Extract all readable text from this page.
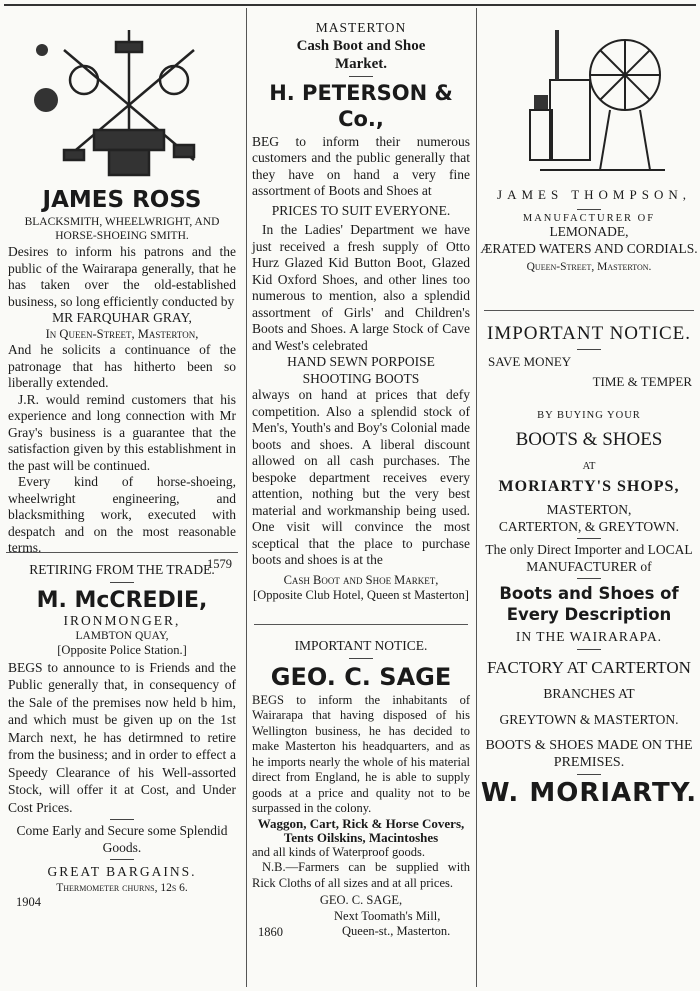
JAMES ROSS

BLACKSMITH, WHEELWRIGHT, AND HORSE-SHOEING SMITH.

Desires to inform his patrons and the public of the Wairarapa generally, that he has taken over the old-established business, so long efficiently conducted by

MR FARQUHAR GRAY,

In Queen-Street, Masterton,

And he solicits a continuance of the patronage that has hitherto been so liberally extended.

J.R. would remind customers that his experience and long connection with Mr Gray's business is a guarantee that the satisfaction given by this establishment in the past will be continued.

Every kind of horse-shoeing, wheelwright engineering, and blacksmithing work, executed with despatch and on the most reasonable terms.

1579

RETIRING FROM THE TRADE.

M. McCREDIE,

IRONMONGER,

LAMBTON QUAY,

[Opposite Police Station.]

BEGS to announce to is Friends and the Public generally that, in consequency of the Sale of the premises now held b him, and which must be given up on the 1st March next, he has detirmned to retire from the business; and in order to effect a Speedy Clearance of his Well-assorted Stock, will offer it at Cost, and Under Cost Prices.

Come Early and Secure some Splendid Goods.

GREAT BARGAINS.

Thermometer churns, 12s 6.

1904

MASTERTON

Cash Boot and Shoe Market.

H. PETERSON & Co.,

BEG to inform their numerous customers and the public generally that they have on hand a very fine assortment of Boots and Shoes at

PRICES TO SUIT EVERYONE.

In the Ladies' Department we have just received a fresh supply of Otto Hurz Glazed Kid Button Boot, Glazed Kid Oxford Shoes, and other lines too numerous to mention, also a splendid assortment of Girls' and Children's Boots and Shoes. A large Stock of Cave and West's celebrated

HAND SEWN PORPOISE SHOOTING BOOTS

always on hand at prices that defy competition. Also a splendid stock of Men's, Youth's and Boy's Colonial made boots and shoes. A liberal discount allowed on all cash purchases. The bespoke department receives every attention, nothing but the very best material and workmanship being used. One visit will convince the most sceptical that the place to purchase boots and shoes is at the

Cash Boot and Shoe Market,

[Opposite Club Hotel, Queen st Masterton]

IMPORTANT NOTICE.

GEO. C. SAGE

BEGS to inform the inhabitants of Wairarapa that having disposed of his Wellington business, he has decided to make Masterton his headquarters, and as he imports nearly the whole of his material direct from England, he is able to supply goods at a price and quality not to be surpassed in the colony.

Waggon, Cart, Rick & Horse Covers, Tents Oilskins, Macintoshes

and all kinds of Waterproof goods.

N.B.—Farmers can be supplied with Rick Cloths of all sizes and at all prices.

GEO. C. SAGE,

1860

Next Toomath's Mill,

Queen-st., Masterton.

JAMES THOMPSON,

MANUFACTURER OF

LEMONADE,

ÆRATED WATERS AND CORDIALS.

Queen-Street, Masterton.

IMPORTANT NOTICE.

SAVE MONEY

TIME & TEMPER

BY BUYING YOUR

BOOTS & SHOES

AT

MORIARTY'S SHOPS,

MASTERTON,

CARTERTON, & GREYTOWN.

The only Direct Importer and LOCAL MANUFACTURER of

Boots and Shoes of Every Description

IN THE WAIRARAPA.

FACTORY AT CARTERTON

BRANCHES AT

GREYTOWN & MASTERTON.

BOOTS & SHOES MADE ON THE PREMISES.

W. MORIARTY.
